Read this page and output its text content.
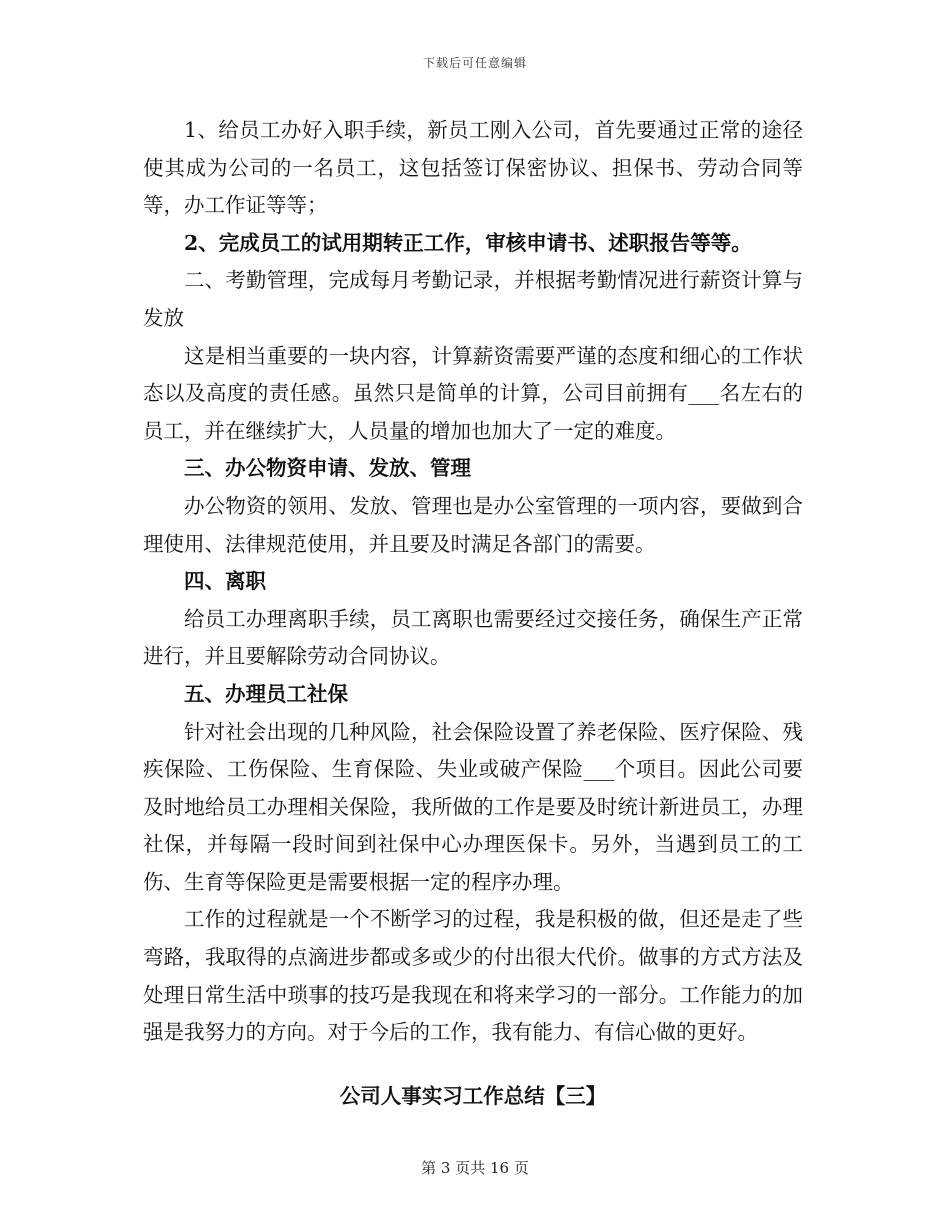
下载后可任意编辑

1、给员工办好入职手续，新员工刚入公司，首先要通过正常的途径使其成为公司的一名员工，这包括签订保密协议、担保书、劳动合同等等，办工作证等等；

2、完成员工的试用期转正工作，审核申请书、述职报告等等。

二、考勤管理，完成每月考勤记录，并根据考勤情况进行薪资计算与发放

这是相当重要的一块内容，计算薪资需要严谨的态度和细心的工作状态以及高度的责任感。虽然只是简单的计算，公司目前拥有___名左右的员工，并在继续扩大，人员量的增加也加大了一定的难度。

三、办公物资申请、发放、管理

办公物资的领用、发放、管理也是办公室管理的一项内容，要做到合理使用、法律规范使用，并且要及时满足各部门的需要。

四、离职

给员工办理离职手续，员工离职也需要经过交接任务，确保生产正常进行，并且要解除劳动合同协议。

五、办理员工社保

针对社会出现的几种风险，社会保险设置了养老保险、医疗保险、残疾保险、工伤保险、生育保险、失业或破产保险___个项目。因此公司要及时地给员工办理相关保险，我所做的工作是要及时统计新进员工，办理社保，并每隔一段时间到社保中心办理医保卡。另外，当遇到员工的工伤、生育等保险更是需要根据一定的程序办理。

工作的过程就是一个不断学习的过程，我是积极的做，但还是走了些弯路，我取得的点滴进步都或多或少的付出很大代价。做事的方式方法及处理日常生活中琐事的技巧是我现在和将来学习的一部分。工作能力的加强是我努力的方向。对于今后的工作，我有能力、有信心做的更好。

公司人事实习工作总结【三】
第 3 页共 16 页
